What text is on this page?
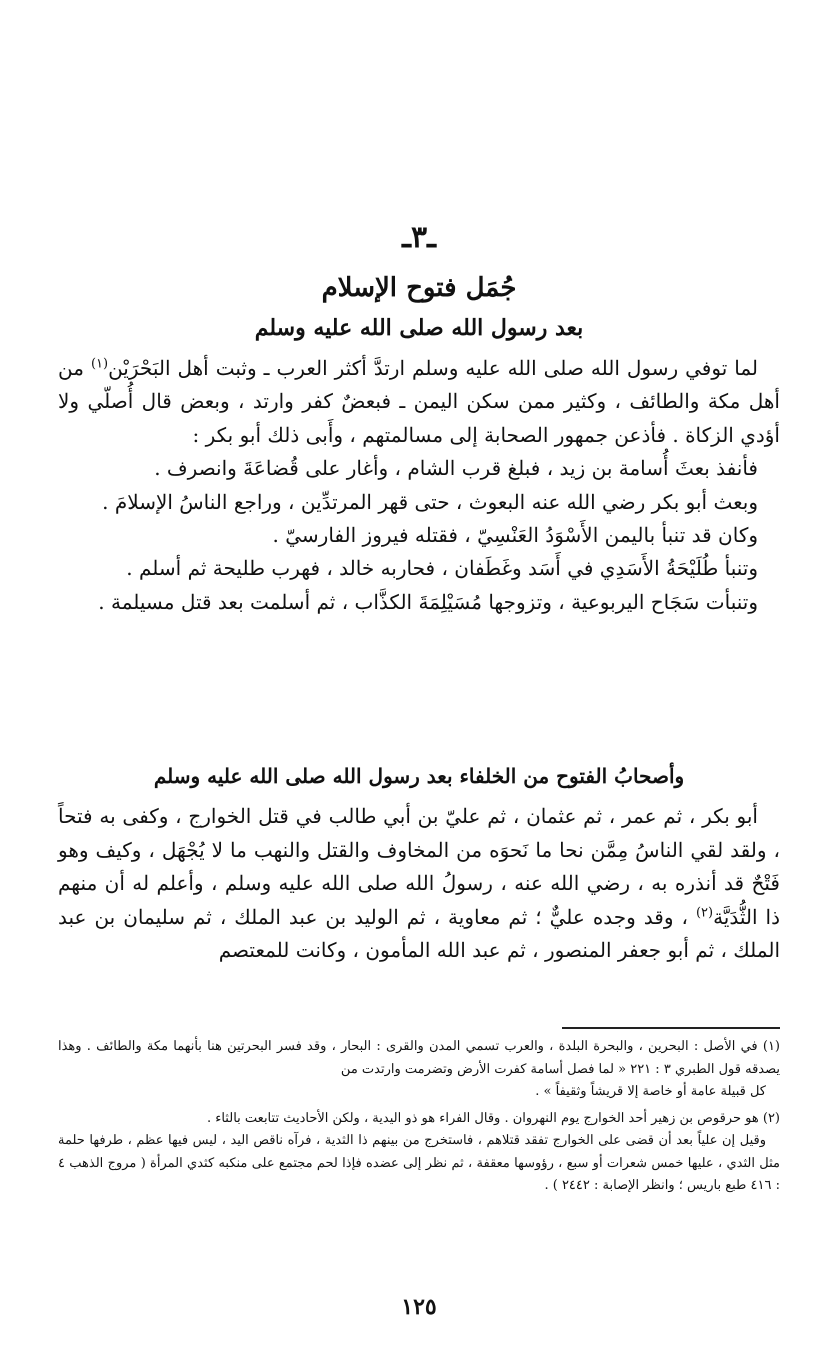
ـ٣ـ
جُمَل فتوح الإسلام
بعد رسول الله صلى الله عليه وسلم

لما توفي رسول الله صلى الله عليه وسلم ارتدَّ أكثر العرب ـ وثبت أهل البَحْرَيْن$^{(١)}$ من أهل مكة والطائف ، وكثير ممن سكن اليمن ـ فبعضٌ كفر وارتد ، وبعض قال أُصلّي ولا أؤدي الزكاة . فأذعن جمهور الصحابة إلى مسالمتهم ، وأَبى ذلك أبو بكر :

فأنفذ بعثَ أُسامة بن زيد ، فبلغ قرب الشام ، وأغار على قُضاعَةَ وانصرف .

وبعث أبو بكر رضي الله عنه البعوث ، حتى قهر المرتدِّين ، وراجع الناسُ الإسلامَ .

وكان قد تنبأ باليمن الأَسْوَدُ العَنْسِيّ ، فقتله فيروز الفارسيّ .

وتنبأ طُلَيْحَةُ الأَسَدِي في أَسَد وغَطَفان ، فحاربه خالد ، فهرب طليحة ثم أسلم .

وتنبأت سَجَاح اليربوعية ، وتزوجها مُسَيْلِمَةَ الكذَّاب ، ثم أسلمت بعد قتل مسيلمة .

وأصحابُ الفتوح من الخلفاء بعد رسول الله صلى الله عليه وسلم

أبو بكر ، ثم عمر ، ثم عثمان ، ثم عليّ بن أبي طالب في قتل الخوارج ، وكفى به فتحاً ، ولقد لقي الناسُ مِمَّن نحا ما نَحوَه من المخاوف والقتل والنهب ما لا يُجْهَل ، وكيف وهو فَتْحٌ قد أنذره به ، رضي الله عنه ، رسولُ الله صلى الله عليه وسلم ، وأعلم له أن منهم ذا الثُّدَيَّة$^{(٢)}$ ، وقد وجده عليٌّ ؛ ثم معاوية ، ثم الوليد بن عبد الملك ، ثم سليمان بن عبد الملك ، ثم أبو جعفر المنصور ، ثم عبد الله المأمون ، وكانت للمعتصم

(١) في الأصل : البحرين ، والبحرة البلدة ، والعرب تسمي المدن والقرى : البحار ، وقد فسر البحرتين هنا بأنهما مكة والطائف . وهذا يصدقه قول الطبري ٣ : ٢٢١ « لما فصل أسامة كفرت الأرض وتضرمت وارتدت من
كل قبيلة عامة أو خاصة إلا قريشاً وثقيفاً » .

(٢) هو حرقوص بن زهير أحد الخوارج يوم النهروان . وقال الفراء هو ذو اليدية ، ولكن الأحاديث تتابعت بالثاء .
وقيل إن علياً بعد أن قضى على الخوارج تفقد قتلاهم ، فاستخرج من بينهم ذا الثدية ، فرآه ناقص اليد ، ليس فيها عظم ، طرفها حلمة مثل الثدي ، عليها خمس شعرات أو سبع ، رؤوسها معقفة ، ثم نظر إلى عضده فإذا لحم مجتمع على منكبه كثدي المرأة ( مروج الذهب ٤ : ٤١٦ طبع باريس ؛ وانظر الإصابة : ٢٤٤٢ ) .

١٢٥
